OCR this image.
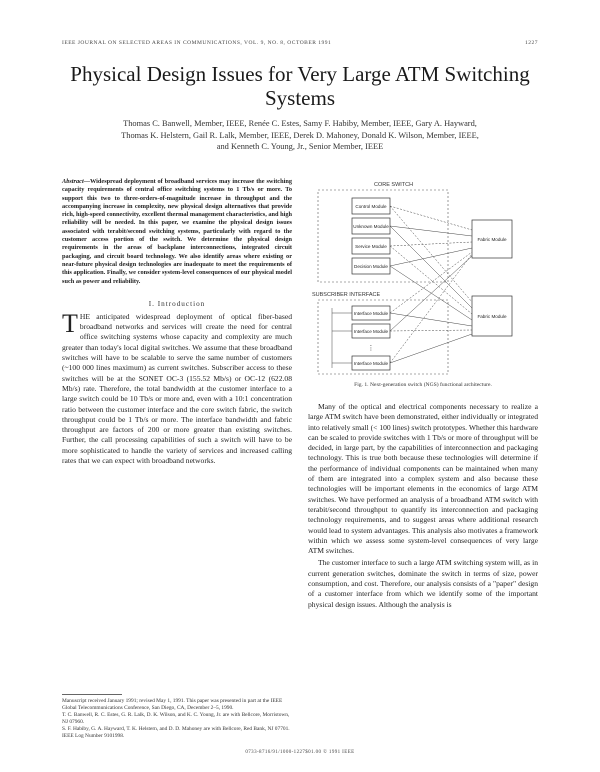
IEEE JOURNAL ON SELECTED AREAS IN COMMUNICATIONS, VOL. 9, NO. 8, OCTOBER 1991	1227
Physical Design Issues for Very Large ATM Switching Systems
Thomas C. Banwell, Member, IEEE, Renée C. Estes, Samy F. Habiby, Member, IEEE, Gary A. Hayward,
Thomas K. Helstern, Gail R. Lalk, Member, IEEE, Derek D. Mahoney, Donald K. Wilson, Member, IEEE,
and Kenneth C. Young, Jr., Senior Member, IEEE
Abstract—Widespread deployment of broadband services may increase the switching capacity requirements of central office switching systems to 1 Tb/s or more. To support this two to three-orders-of-magnitude increase in throughput and the accompanying increase in complexity, new physical design alternatives that provide rich, high-speed connectivity, excellent thermal management characteristics, and high reliability will be needed. In this paper, we examine the physical design issues associated with terabit/second switching systems, particularly with regard to the customer access portion of the switch. We determine the physical design requirements in the areas of backplane interconnections, integrated circuit packaging, and circuit board technology. We also identify areas where existing or near-future physical design technologies are inadequate to meet the requirements of this application. Finally, we consider system-level consequences of our physical model such as power and reliability.
I. Introduction
THE anticipated widespread deployment of optical fiber-based broadband networks and services will create the need for central office switching systems whose capacity and complexity are much greater than today's local digital switches. We assume that these broadband switches will have to be scalable to serve the same number of customers (~100 000 lines maximum) as current switches. Subscriber access to these switches will be at the SONET OC-3 (155.52 Mb/s) or OC-12 (622.08 Mb/s) rate. Therefore, the total bandwidth at the customer interface to a large switch could be 10 Tb/s or more and, even with a 10:1 concentration ratio between the customer interface and the core switch fabric, the switch throughput could be 1 Tb/s or more. The interface bandwidth and fabric throughput are factors of 200 or more greater than existing switches. Further, the call processing capabilities of such a switch will have to be more sophisticated to handle the variety of services and increased calling rates that we can expect with broadband networks.
Manuscript received January 1991; revised May 1, 1991. This paper was presented in part at the IEEE Global Telecommunications Conference, San Diego, CA, December 2–5, 1990.
T. C. Banwell, R. C. Estes, G. R. Lalk, D. K. Wilson, and K. C. Young, Jr. are with Bellcore, Morristown, NJ 07960.
S. F. Habiby, G. A. Hayward, T. K. Helstern, and D. D. Mahoney are with Bellcore, Red Bank, NJ 07701.
IEEE Log Number 9101998.
0733-8716/91/1000-1227$01.00 © 1991 IEEE
CORE SWITCH
SUBSCRIBER INTERFACE
Control Module
Unknown Module
Service Module
Decision Module
Interface Module
Interface Module
Interface Module
⋮
Fabric Module
Fabric Module
Fig. 1. Next-generation switch (NGS) functional architecture.

Many of the optical and electrical components necessary to realize a large ATM switch have been demonstrated, either individually or integrated into relatively small (< 100 lines) switch prototypes. Whether this hardware can be scaled to provide switches with 1 Tb/s or more of throughput will be decided, in large part, by the capabilities of interconnection and packaging technology. This is true both because these technologies will determine if the performance of individual components can be maintained when many of them are integrated into a complex system and also because these technologies will be important elements in the economics of large ATM switches. We have performed an analysis of a broadband ATM switch with terabit/second throughput to quantify its interconnection and packaging technology requirements, and to suggest areas where additional research would lead to system advantages. This analysis also motivates a framework within which we assess some system-level consequences of very large ATM switches.

The customer interface to such a large ATM switching system will, as in current generation switches, dominate the switch in terms of size, power consumption, and cost. Therefore, our analysis consists of a "paper" design of a customer interface from which we identify some of the important physical design issues. Although the analysis is
